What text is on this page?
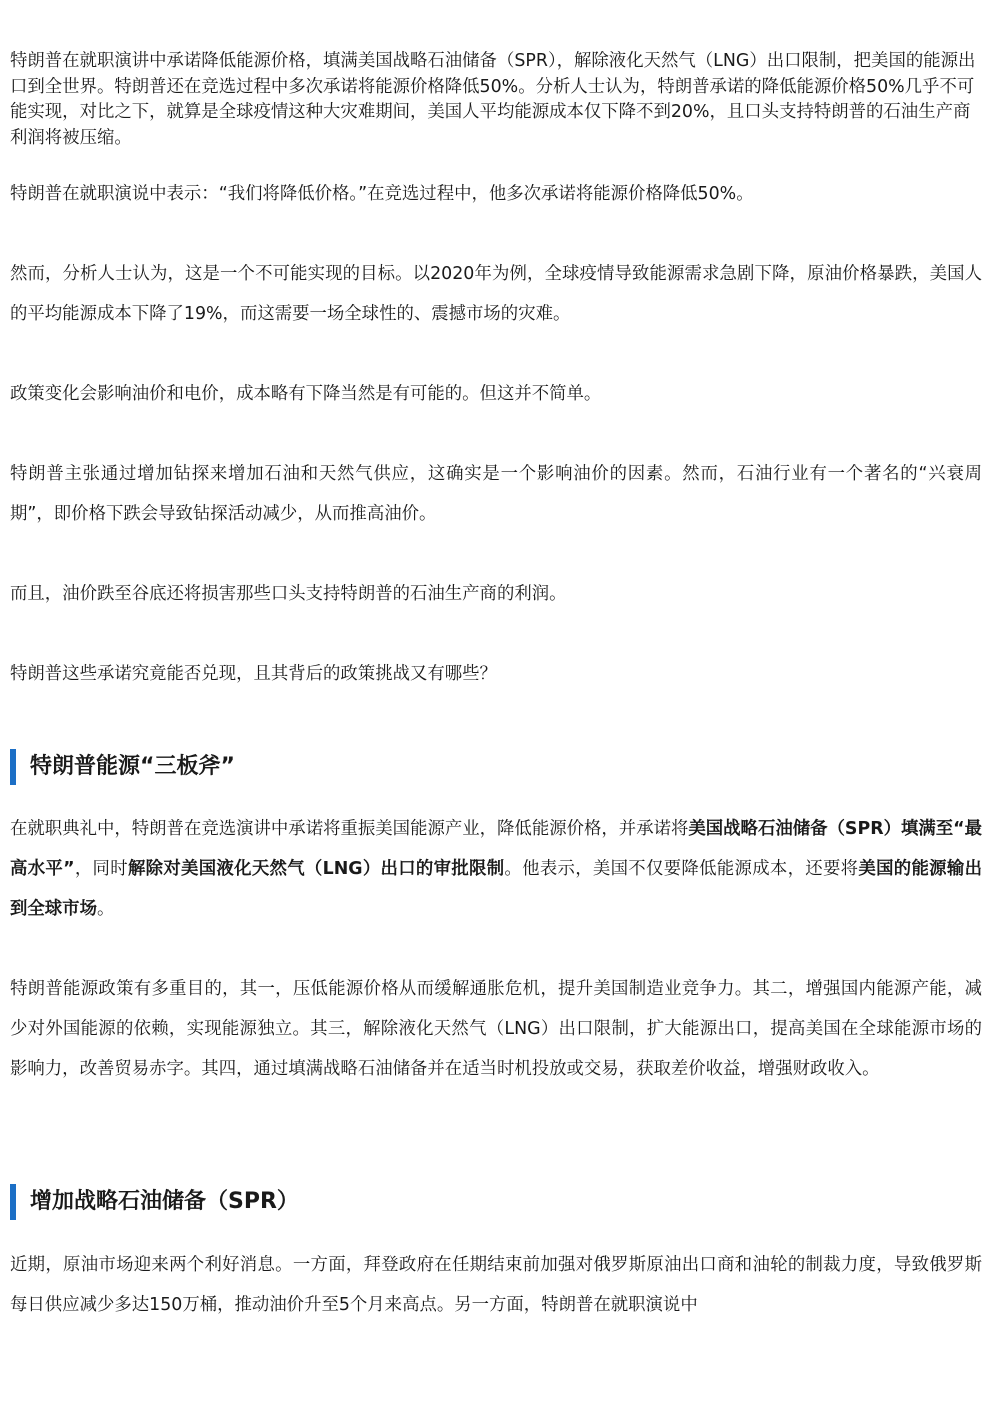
特朗普在就职演讲中承诺降低能源价格，填满美国战略石油储备（SPR），解除液化天然气（LNG）出口限制，把美国的能源出口到全世界。特朗普还在竞选过程中多次承诺将能源价格降低50%。分析人士认为，特朗普承诺的降低能源价格50%几乎不可能实现，对比之下，就算是全球疫情这种大灾难期间，美国人平均能源成本仅下降不到20%，且口头支持特朗普的石油生产商利润将被压缩。
特朗普在就职演说中表示：“我们将降低价格。”在竞选过程中，他多次承诺将能源价格降低50%。

然而，分析人士认为，这是一个不可能实现的目标。以2020年为例，全球疫情导致能源需求急剧下降，原油价格暴跌，美国人的平均能源成本下降了19%，而这需要一场全球性的、震撼市场的灾难。

政策变化会影响油价和电价，成本略有下降当然是有可能的。但这并不简单。

特朗普主张通过增加钻探来增加石油和天然气供应，这确实是一个影响油价的因素。然而，石油行业有一个著名的“兴衰周期”，即价格下跌会导致钻探活动减少，从而推高油价。

而且，油价跌至谷底还将损害那些口头支持特朗普的石油生产商的利润。

特朗普这些承诺究竟能否兑现，且其背后的政策挑战又有哪些？

特朗普能源“三板斧”

在就职典礼中，特朗普在竞选演讲中承诺将重振美国能源产业，降低能源价格，并承诺将美国战略石油储备（SPR）填满至“最高水平”，同时解除对美国液化天然气（LNG）出口的审批限制。他表示，美国不仅要降低能源成本，还要将美国的能源输出到全球市场。

特朗普能源政策有多重目的，其一，压低能源价格从而缓解通胀危机，提升美国制造业竞争力。其二，增强国内能源产能，减少对外国能源的依赖，实现能源独立。其三，解除液化天然气（LNG）出口限制，扩大能源出口，提高美国在全球能源市场的影响力，改善贸易赤字。其四，通过填满战略石油储备并在适当时机投放或交易，获取差价收益，增强财政收入。

增加战略石油储备（SPR）

近期，原油市场迎来两个利好消息。一方面，拜登政府在任期结束前加强对俄罗斯原油出口商和油轮的制裁力度，导致俄罗斯每日供应减少多达150万桶，推动油价升至5个月来高点。另一方面，特朗普在就职演说中
